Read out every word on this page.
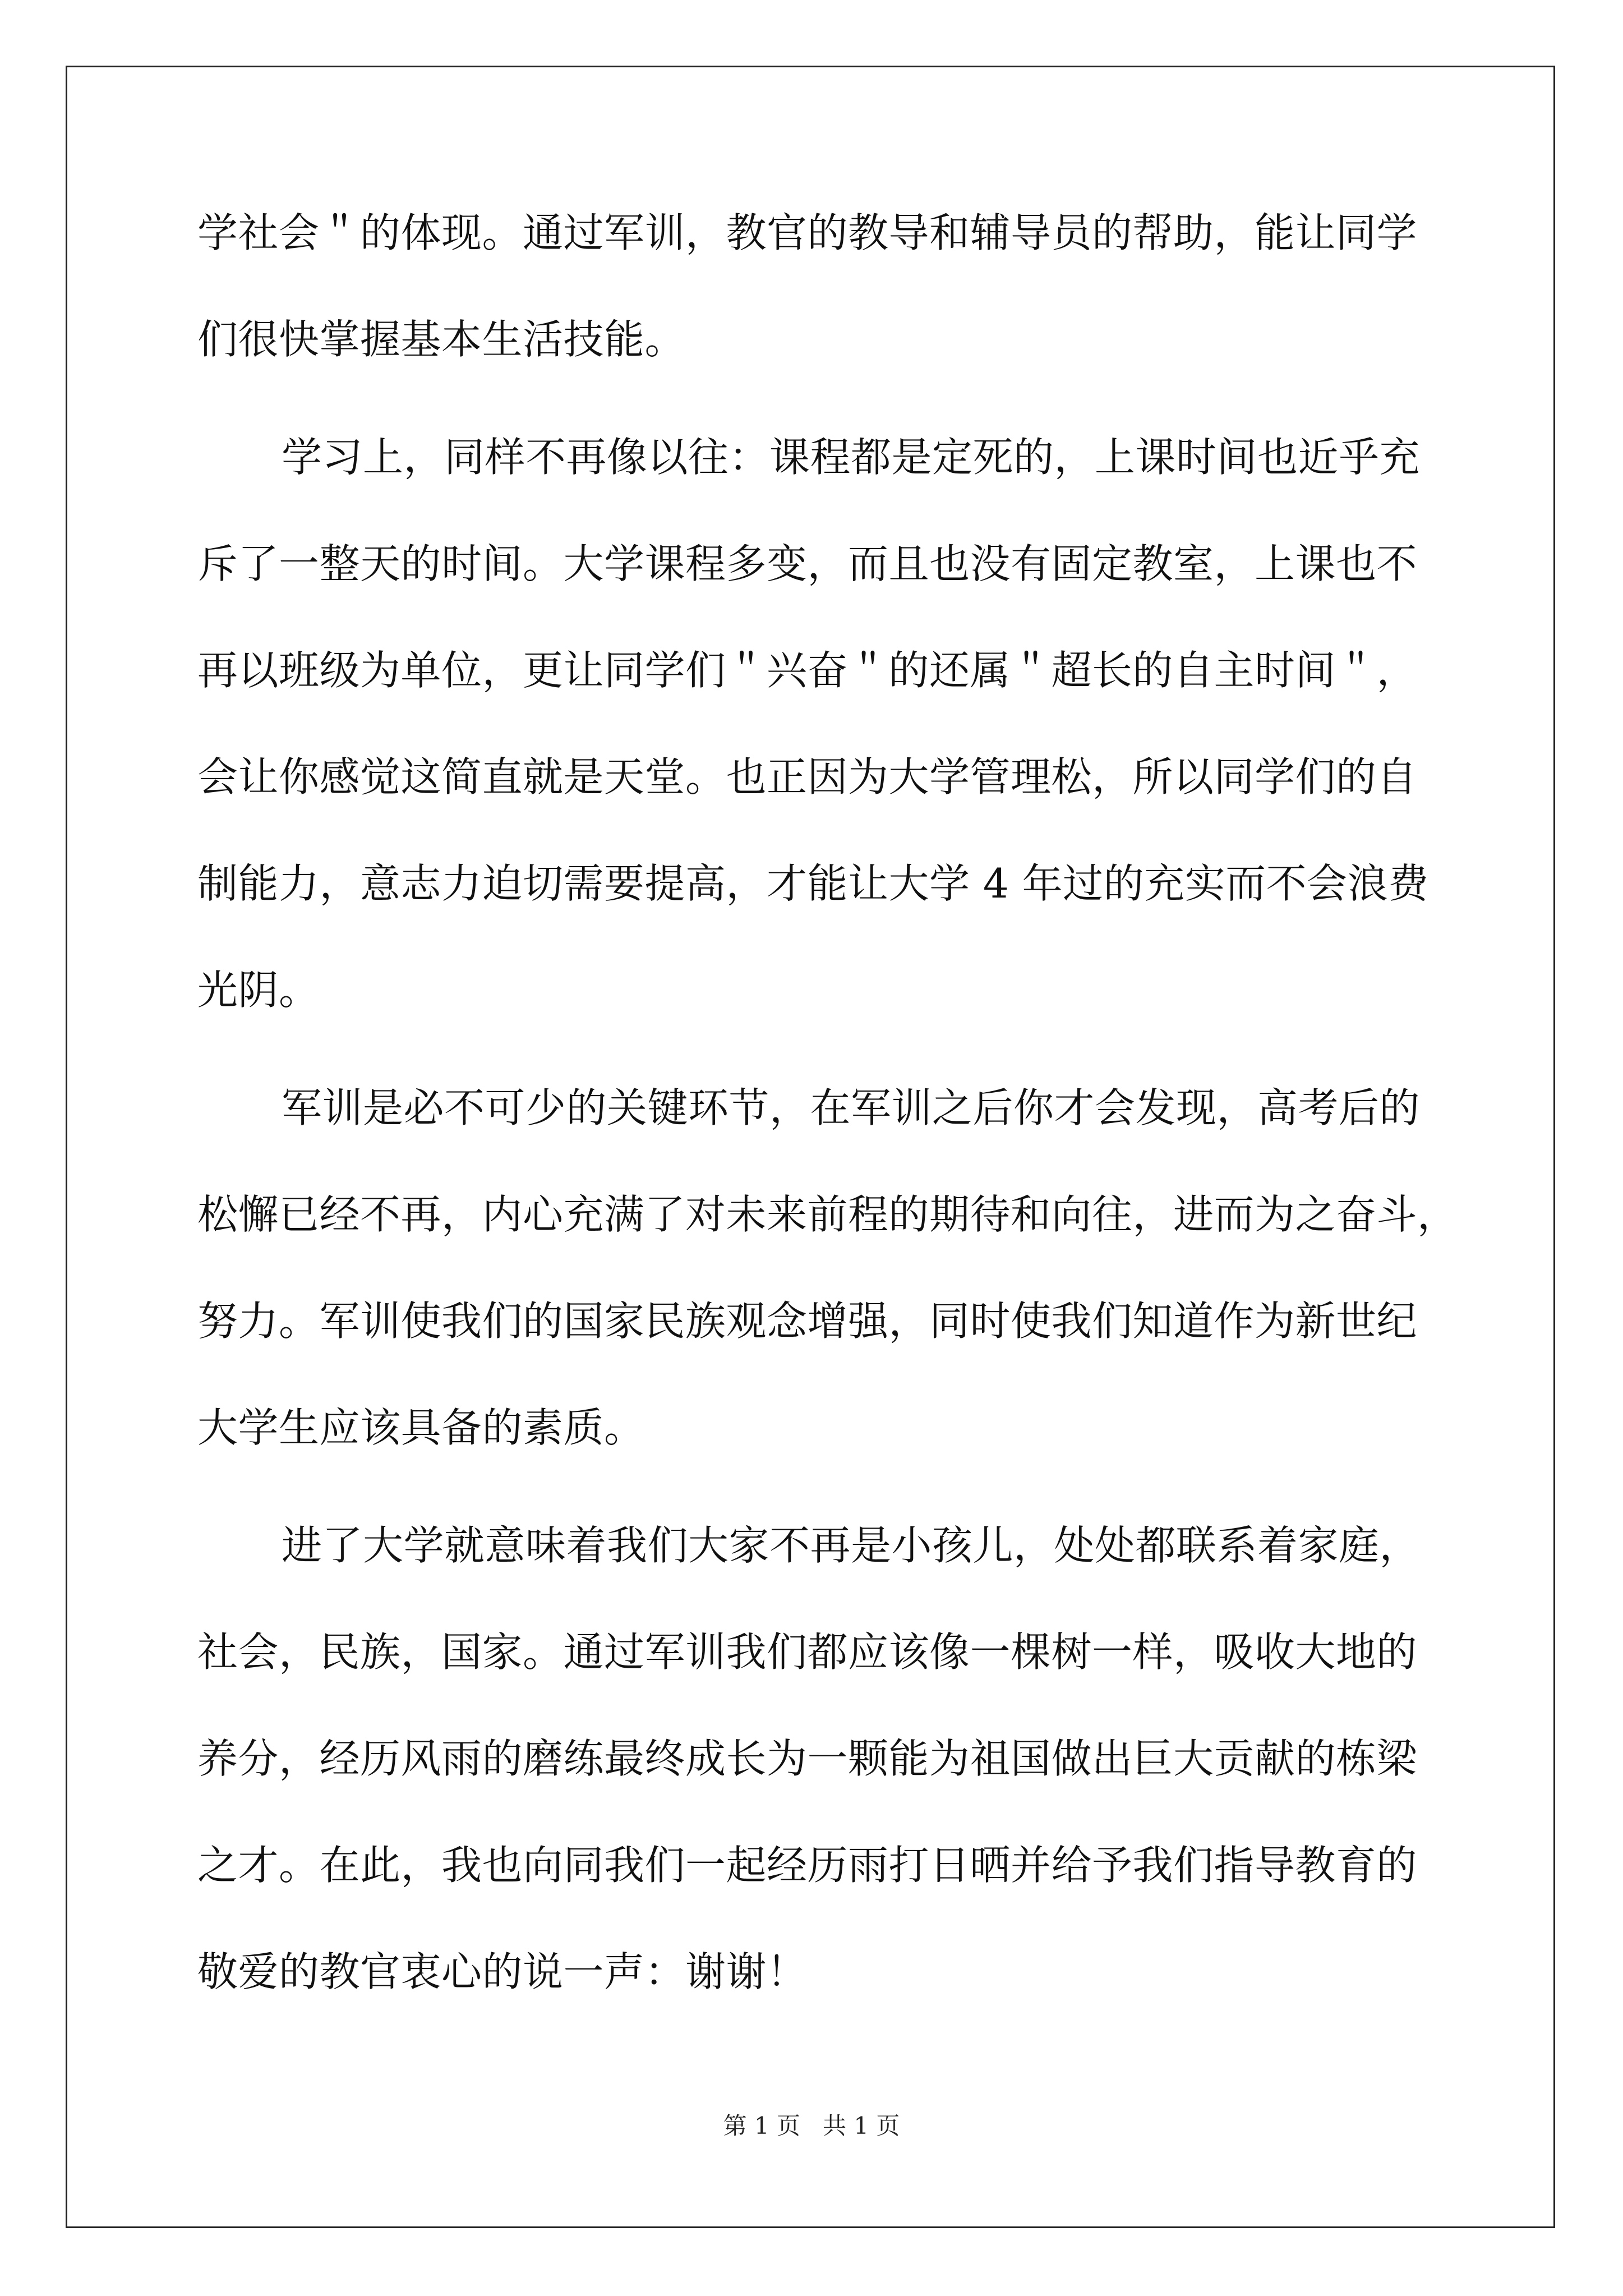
学社会＂的体现。通过军训，教官的教导和辅导员的帮助，能让同学
们很快掌握基本生活技能。
学习上，同样不再像以往：课程都是定死的，上课时间也近乎充
斥了一整天的时间。大学课程多变，而且也没有固定教室，上课也不
再以班级为单位，更让同学们＂兴奋＂的还属＂超长的自主时间＂，
会让你感觉这简直就是天堂。也正因为大学管理松，所以同学们的自
制能力，意志力迫切需要提高，才能让大学 4 年过的充实而不会浪费
光阴。
军训是必不可少的关键环节，在军训之后你才会发现，高考后的
松懈已经不再，内心充满了对未来前程的期待和向往，进而为之奋斗，
努力。军训使我们的国家民族观念增强，同时使我们知道作为新世纪
大学生应该具备的素质。
进了大学就意味着我们大家不再是小孩儿，处处都联系着家庭，
社会，民族，国家。通过军训我们都应该像一棵树一样，吸收大地的
养分，经历风雨的磨练最终成长为一颗能为祖国做出巨大贡献的栋梁
之才。在此，我也向同我们一起经历雨打日晒并给予我们指导教育的
敬爱的教官衷心的说一声：谢谢！
第 1 页 共 1 页
